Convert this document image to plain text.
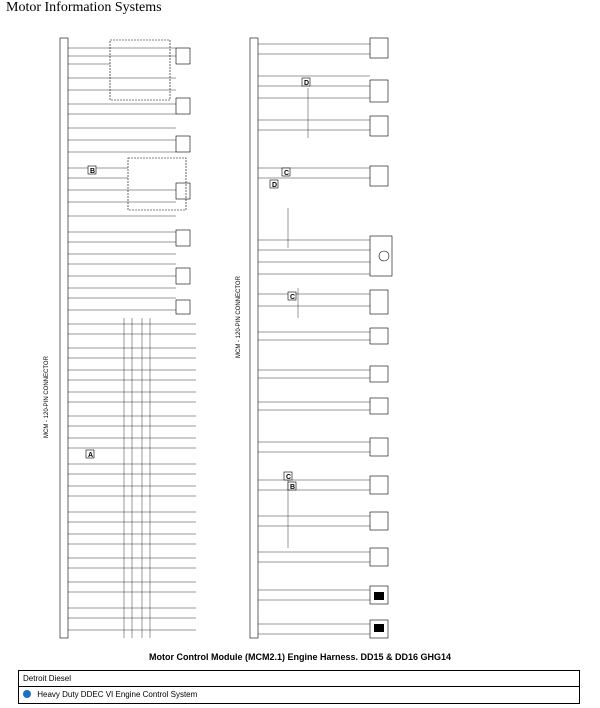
Motor Information Systems
MCM - 120-PIN CONNECTOR
MCM - 120-PIN CONNECTOR
B
D
C
D
C
C
A
B
Motor Control Module (MCM2.1) Engine Harness. DD15 & DD16 GHG14
Detroit Diesel
Heavy Duty DDEC VI Engine Control System
